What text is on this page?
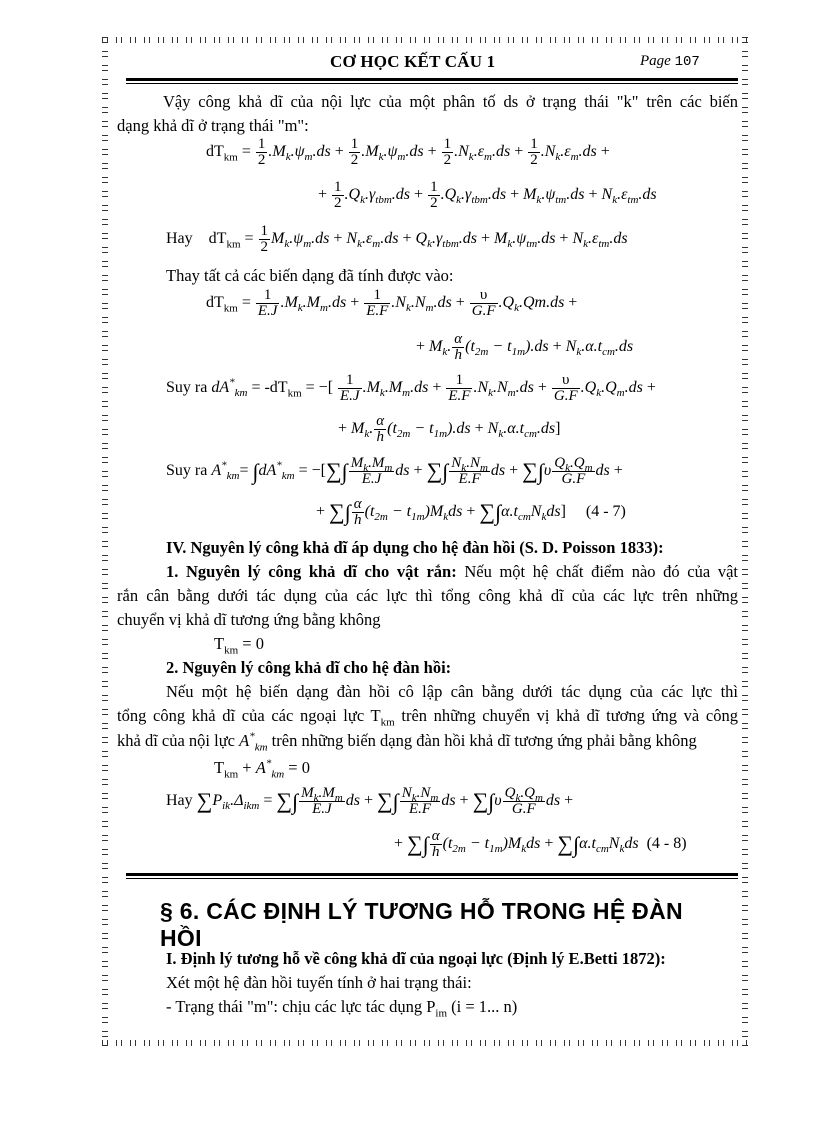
CƠ HỌC KẾT CẤU 1	Page 107
Vậy công khả dĩ của nội lực của một phân tố ds ở trạng thái "k" trên các biến
dạng khả dĩ ở trạng thái "m":
$dT_{km} = \frac{1}{2} .M_k.\psi_m.ds + \frac{1}{2} .M_k.\psi_m.ds + \frac{1}{2} .N_k.\varepsilon_m.ds + \frac{1}{2} .N_k.\varepsilon_m.ds$ +
+ $\frac{1}{2} .Q_k.\gamma_{tbm}.ds + \frac{1}{2} .Q_k.\gamma_{tbm}.ds + M_k.\psi_{tm}.ds + N_k.\varepsilon_{tm}.ds$
Hay $dT_{km} = \frac{1}{2} M_k.\psi_m.ds + N_k.\varepsilon_m.ds + Q_k.\gamma_{tbm}.ds + M_k.\psi_{tm}.ds + N_k.\varepsilon_{tm}.ds$
Thay tất cả các biến dạng đã tính được vào:
$dT_{km} = \frac{1}{E.J} .M_k.M_m.ds + \frac{1}{E.F} .N_k.N_m.ds + \frac{\upsilon}{G.F} .Q_k.Qm.ds$ +
+ $M_k$. $\frac{\alpha}{h} (t_{2m} - t_{1m}).ds + N_k.\alpha.t_{cm}.ds$
Suy ra $dA^*_{km} = -dT_{km}$ = −[ $\frac{1}{E.J} .M_k.M_m.ds + \frac{1}{E.F} .N_k.N_m.ds + \frac{\upsilon}{G.F} .Q_k.Q_m.ds$ +
+ $M_k$. $\frac{\alpha}{h} (t_{2m} - t_{1m}).ds + N_k.\alpha.t_{cm}.ds$]
Suy ra $A^*_{km}= \int dA^*_{km}$ = −[∑∫ $\frac{M_k.M_m}{E.J}$ ds + ∑∫ $\frac{N_k.N_m}{E.F}$ ds + $\sum\int\upsilon \frac{Q_k.Q_m}{G.F}$ ds +
+ ∑∫ $\frac{\alpha}{h} (t_{2m} - t_{1m})M_kds + \sum\int\alpha.t_{cm}N_kds$]     (4 - 7)
IV. Nguyên lý công khả dĩ áp dụng cho hệ đàn hồi (S. D. Poisson 1833):
1. Nguyên lý công khả dĩ cho vật rắn: Nếu một hệ chất điểm nào đó của vật
rắn cân bằng dưới tác dụng của các lực thì tổng công khả dĩ của các lực trên những
chuyển vị khả dĩ tương ứng bằng không
$T_{km} = 0$
2. Nguyên lý công khả dĩ cho hệ đàn hồi:
Nếu một hệ biến dạng đàn hồi cô lập cân bằng dưới tác dụng của các lực thì
tổng công khả dĩ của các ngoại lực $T_{km}$ trên những chuyển vị khả dĩ tương ứng và công
khả dĩ của nội lực $A^*_{km}$ trên những biến dạng đàn hồi khả dĩ tương ứng phải bằng không
$T_{km} + A^*_{km} = 0$
Hay $\sum P_{ik}.\Delta_{ikm}$ = ∑∫ $\frac{M_k.M_m}{E.J}$ ds + ∑∫ $\frac{N_k.N_m}{E.F}$ ds + $\sum\int\upsilon \frac{Q_k.Q_m}{G.F}$ ds +
+ ∑∫ $\frac{\alpha}{h} (t_{2m} - t_{1m})M_kds + \sum\int\alpha.t_{cm}N_kds$ (4 - 8)
§ 6. CÁC ĐỊNH LÝ TƯƠNG HỖ TRONG HỆ ĐÀN HỒI
I. Định lý tương hỗ về công khả dĩ của ngoại lực (Định lý E.Betti 1872):
Xét một hệ đàn hồi tuyến tính ở hai trạng thái:
- Trạng thái "m": chịu các lực tác dụng $P_{im}$ (i = 1... n)
